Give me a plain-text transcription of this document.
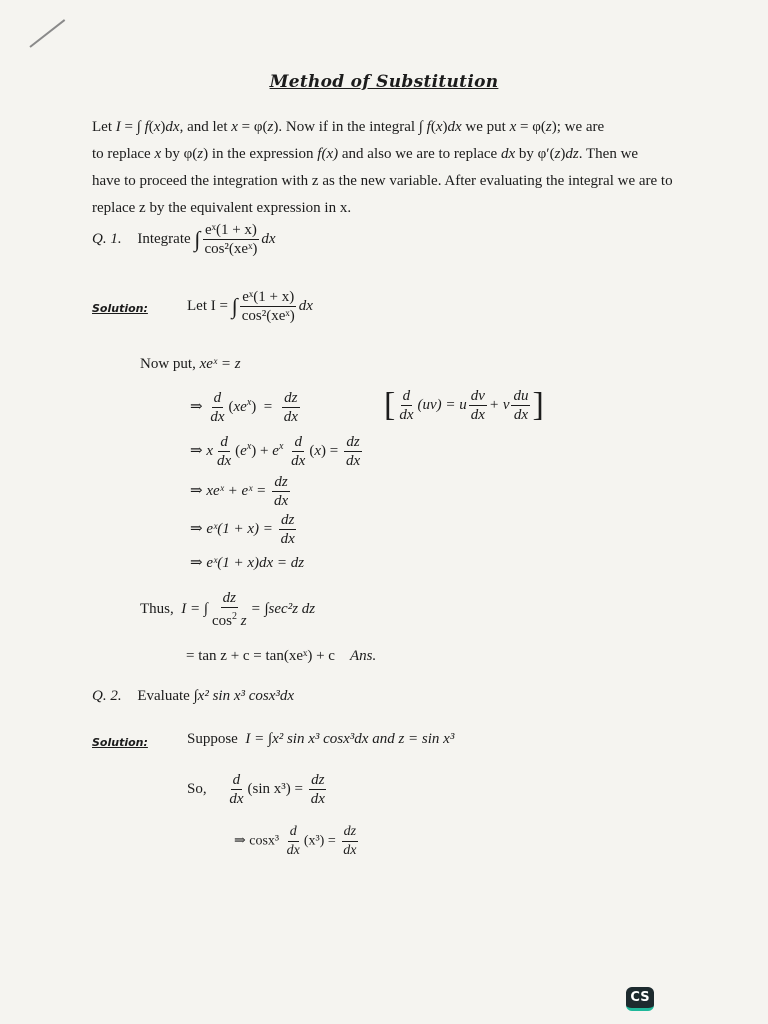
Method of Substitution
Let I = ∫ f(x)dx, and let x = φ(z). Now if in the integral ∫ f(x)dx we put x = φ(z); we are
to replace x by φ(z) in the expression f(x) and also we are to replace dx by φ′(z)dz. Then we
have to proceed the integration with z as the new variable. After evaluating the integral we are to
replace z by the equivalent expression in x.
Q. 1. Integrate ∫ $\frac{\text{eˣ(1 + x)}}{\text{cos²(xeˣ)}}$ dx
Solution:	Let I = ∫ $\frac{\text{eˣ(1 + x)}}{\text{cos²(xeˣ)}}$ dx
Now put, xeˣ = z
⇒ $\frac{d}{dx} (xe^x) = \frac{dz}{dx}$ [ $\frac{d}{dx} (uv) = u \frac{dv}{dx} + v \frac{du}{dx}$ ]
⇒ x $\frac{d}{dx} (e^x) + e^x \frac{d}{dx} (x) = \frac{dz}{dx}$
⇒ xeˣ + eˣ = $\frac{dz}{dx}$
⇒ eˣ(1 + $x) = \frac{dz}{dx}$
⇒ eˣ(1 + x)dx = dz
Thus, I = ∫ $\frac{dz}{\cos^2 z} = \int\sec^2z$ dz
= tan z + c = tan(xeˣ) + c Ans.
Q. 2. Evaluate ∫x² sin x³ cosx³dx
Solution:	Suppose I = ∫x² sin x³ cosx³dx and z = sin x³
So, $\frac{d}{dx} (\sin$ $x^3) = \frac{dz}{dx}$
⇒ $\cos x^3 \frac{d}{dx} (x^3) = \frac{dz}{dx}$
CS
